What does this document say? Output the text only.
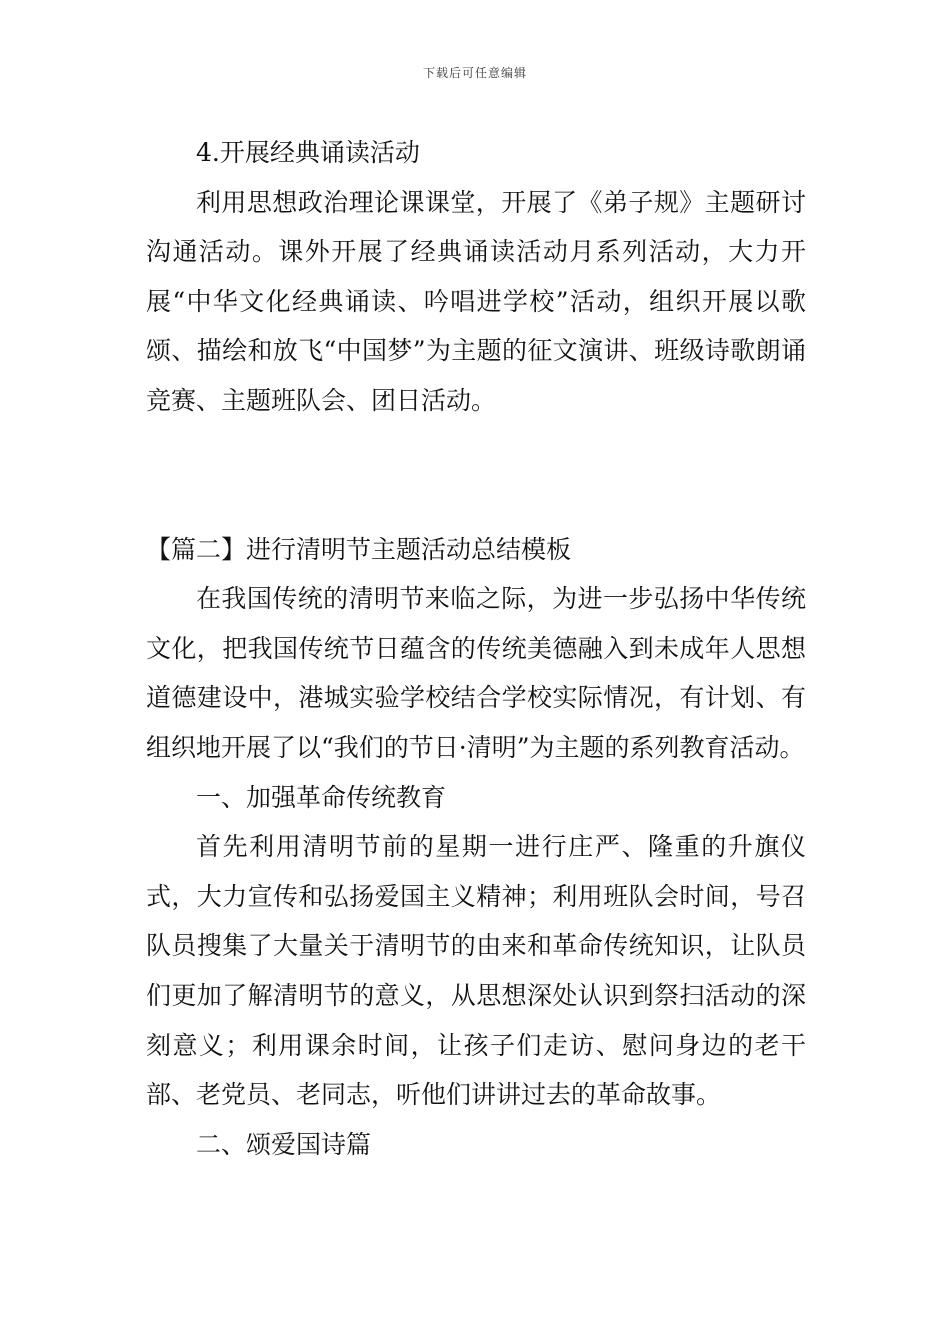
下载后可任意编辑

4.开展经典诵读活动

利用思想政治理论课课堂，开展了《弟子规》主题研讨沟通活动。课外开展了经典诵读活动月系列活动，大力开展“中华文化经典诵读、吟唱进学校”活动，组织开展以歌颂、描绘和放飞“中国梦”为主题的征文演讲、班级诗歌朗诵竞赛、主题班队会、团日活动。

【篇二】进行清明节主题活动总结模板

在我国传统的清明节来临之际，为进一步弘扬中华传统文化，把我国传统节日蕴含的传统美德融入到未成年人思想道德建设中，港城实验学校结合学校实际情况，有计划、有组织地开展了以“我们的节日·清明”为主题的系列教育活动。

一、加强革命传统教育

首先利用清明节前的星期一进行庄严、隆重的升旗仪式，大力宣传和弘扬爱国主义精神；利用班队会时间，号召队员搜集了大量关于清明节的由来和革命传统知识，让队员们更加了解清明节的意义，从思想深处认识到祭扫活动的深刻意义；利用课余时间，让孩子们走访、慰问身边的老干部、老党员、老同志，听他们讲讲过去的革命故事。

二、颂爱国诗篇
